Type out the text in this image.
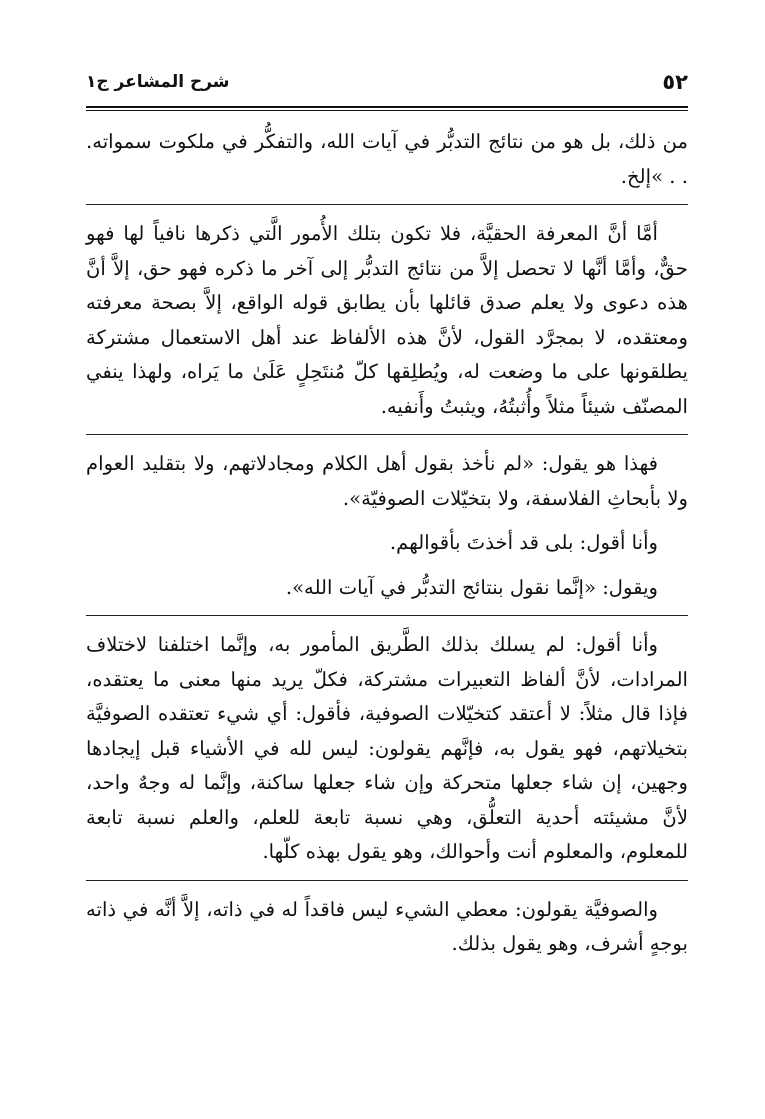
٥٢
شرح المشاعر ج١

من ذلك، بل هو من نتائج التدبُّر في آيات الله، والتفكُّر في ملكوت سمواته. . . »إلخ.

أمَّا أنَّ المعرفة الحقيَّة، فلا تكون بتلك الأُمور الَّتي ذكرها نافياً لها فهو حقٌّ، وأمَّا أنَّها لا تحصل إلاَّ من نتائج التدبُّر إلى آخر ما ذكره فهو حق، إلاَّ أنَّ هذه دعوى ولا يعلم صدق قائلها بأن يطابق قوله الواقع، إلاَّ بصحة معرفته ومعتقده، لا بمجرَّد القول، لأنَّ هذه الألفاظ عند أهل الاستعمال مشتركة يطلقونها على ما وضعت له، ويُطلِقها كلّ مُنتَحِلٍ عَلَىٰ ما يَراه، ولهذا ينفي المصنّف شيئاً مثلاً وأُثبتُهُ، ويثبتُ وأَنفيه.

فهذا هو يقول: «لم نأخذ بقول أهل الكلام ومجادلاتهم، ولا بتقليد العوام ولا بأبحاثِ الفلاسفة، ولا بتخيّلات الصوفيّة».

وأنا أقول: بلى قد أخذتَ بأقوالهم.

ويقول: «إنَّما نقول بنتائج التدبُّر في آيات الله».

وأنا أقول: لم يسلك بذلك الطَّريق المأمور به، وإنَّما اختلفنا لاختلاف المرادات، لأنَّ ألفاظ التعبيرات مشتركة، فكلّ يريد منها معنى ما يعتقده، فإذا قال مثلاً: لا أعتقد كتخيّلات الصوفية، فأقول: أي شيء تعتقده الصوفيَّة بتخيلاتهم، فهو يقول به، فإنَّهم يقولون: ليس لله في الأشياء قبل إيجادها وجهين، إن شاء جعلها متحركة وإن شاء جعلها ساكنة، وإنَّما له وجهٌ واحد، لأنَّ مشيئته أحدية التعلُّق، وهي نسبة تابعة للعلم، والعلم نسبة تابعة للمعلوم، والمعلوم أنت وأحوالك، وهو يقول بهذه كلّها.

والصوفيَّة يقولون: معطي الشيء ليس فاقداً له في ذاته، إلاَّ أنَّه في ذاته بوجهٍ أشرف، وهو يقول بذلك.
